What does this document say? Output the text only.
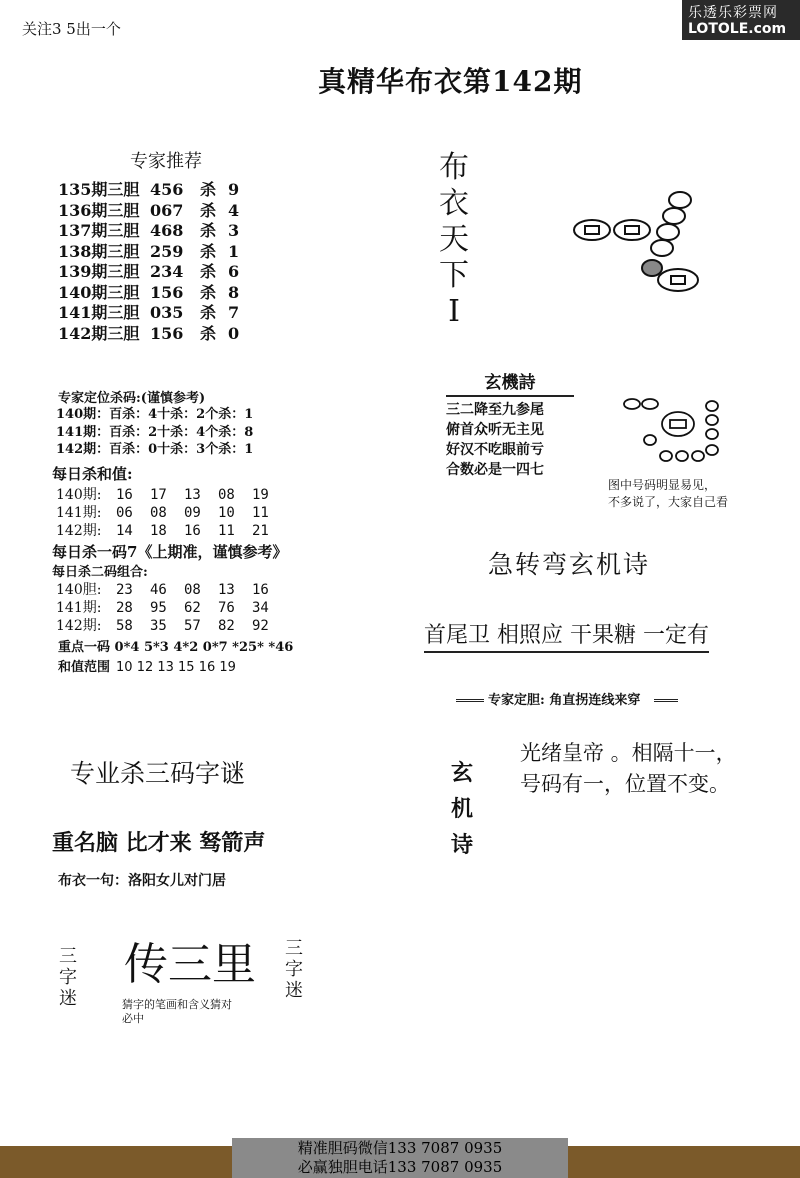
关注3 5出一个
乐透乐彩票网
LOTOLE.com
真精华布衣第142期
专家推荐
135期三胆 456 杀 9
136期三胆 067 杀 4
137期三胆 468 杀 3
138期三胆 259 杀 1
139期三胆 234 杀 6
140期三胆 156 杀 8
141期三胆 035 杀 7
142期三胆 156 杀 0
专家定位杀码:(谨慎参考)
140期：百杀：4十杀：2个杀：1
141期：百杀：2十杀：4个杀：8
142期：百杀：0十杀：3个杀：1
每日杀和值:
140期: 16 17 13 08 19
141期: 06 08 09 10 11
142期: 14 18 16 11 21
每日杀一码7《上期准，谨慎参考》
每日杀二码组合:
140胆: 23 46 08 13 16
141期: 28 95 62 76 34
142期: 58 35 57 82 92
重点一码 0*4 5*3 4*2 0*7 *25* *46
和值范围 10 12 13 15 16 19
专业杀三码字谜
重名脑 比才来 驽箭声
布衣一句：洛阳女儿对门居
三字迷
传三里 三字迷
猜字的笔画和含义猜对必中
布衣天下I
玄機詩
三二降至九参尾
俯首众听无主见
好汉不吃眼前亏
合数必是一四七
图中号码明显易见，
不多说了，大家自己看
急转弯玄机诗
首尾卫 相照应 干果糖 一定有
专家定胆: 角直拐连线来穿
玄机诗
光绪皇帝 。相隔十一，
号码有一，位置不变。
精准胆码微信133 7087 0935
必赢独胆电话133 7087 0935
